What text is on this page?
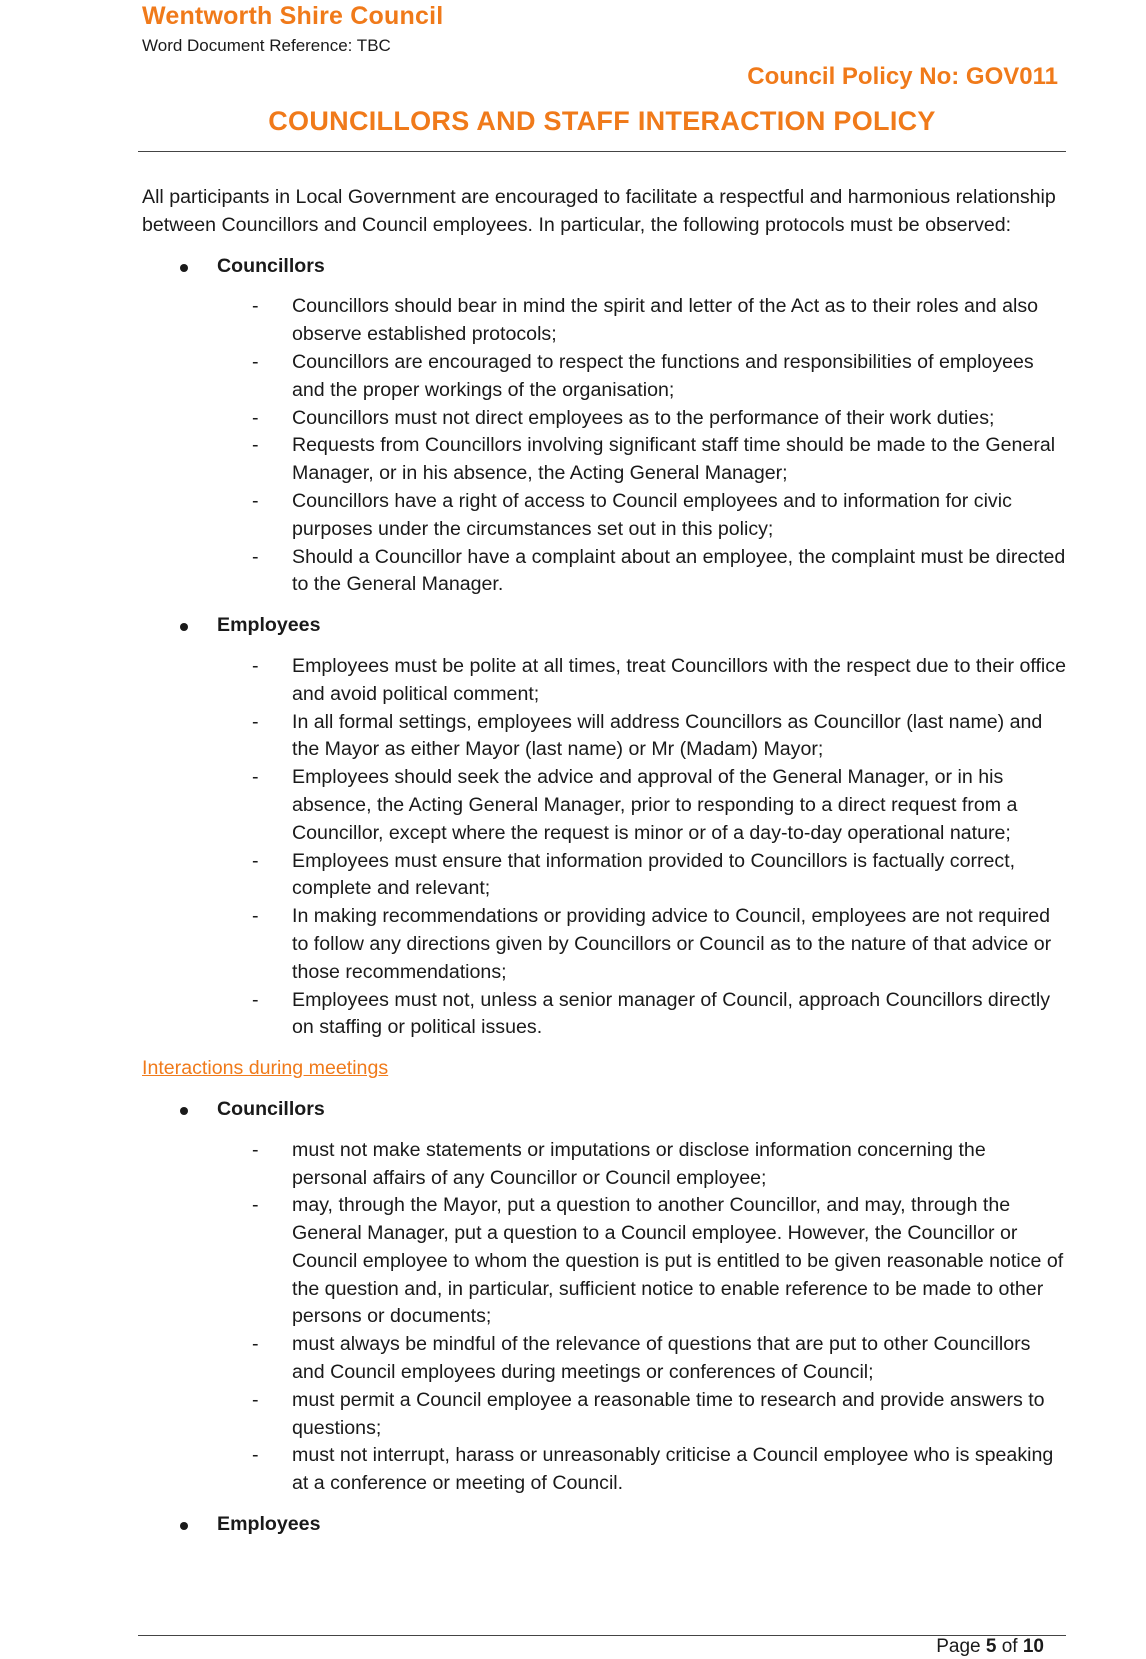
Wentworth Shire Council
Word Document Reference: TBC
Council Policy No: GOV011
COUNCILLORS AND STAFF INTERACTION POLICY

All participants in Local Government are encouraged to facilitate a respectful and harmonious relationship between Councillors and Council employees. In particular, the following protocols must be observed:

Councillors
- Councillors should bear in mind the spirit and letter of the Act as to their roles and also observe established protocols;
- Councillors are encouraged to respect the functions and responsibilities of employees and the proper workings of the organisation;
- Councillors must not direct employees as to the performance of their work duties;
- Requests from Councillors involving significant staff time should be made to the General Manager, or in his absence, the Acting General Manager;
- Councillors have a right of access to Council employees and to information for civic purposes under the circumstances set out in this policy;
- Should a Councillor have a complaint about an employee, the complaint must be directed to the General Manager.
Employees
- Employees must be polite at all times, treat Councillors with the respect due to their office and avoid political comment;
- In all formal settings, employees will address Councillors as Councillor (last name) and the Mayor as either Mayor (last name) or Mr (Madam) Mayor;
- Employees should seek the advice and approval of the General Manager, or in his absence, the Acting General Manager, prior to responding to a direct request from a Councillor, except where the request is minor or of a day-to-day operational nature;
- Employees must ensure that information provided to Councillors is factually correct, complete and relevant;
- In making recommendations or providing advice to Council, employees are not required to follow any directions given by Councillors or Council as to the nature of that advice or those recommendations;
- Employees must not, unless a senior manager of Council, approach Councillors directly on staffing or political issues.
Interactions during meetings
Councillors
- must not make statements or imputations or disclose information concerning the personal affairs of any Councillor or Council employee;
- may, through the Mayor, put a question to another Councillor, and may, through the General Manager, put a question to a Council employee. However, the Councillor or Council employee to whom the question is put is entitled to be given reasonable notice of the question and, in particular, sufficient notice to enable reference to be made to other persons or documents;
- must always be mindful of the relevance of questions that are put to other Councillors and Council employees during meetings or conferences of Council;
- must permit a Council employee a reasonable time to research and provide answers to questions;
- must not interrupt, harass or unreasonably criticise a Council employee who is speaking at a conference or meeting of Council.
Employees
Page 5 of 10
